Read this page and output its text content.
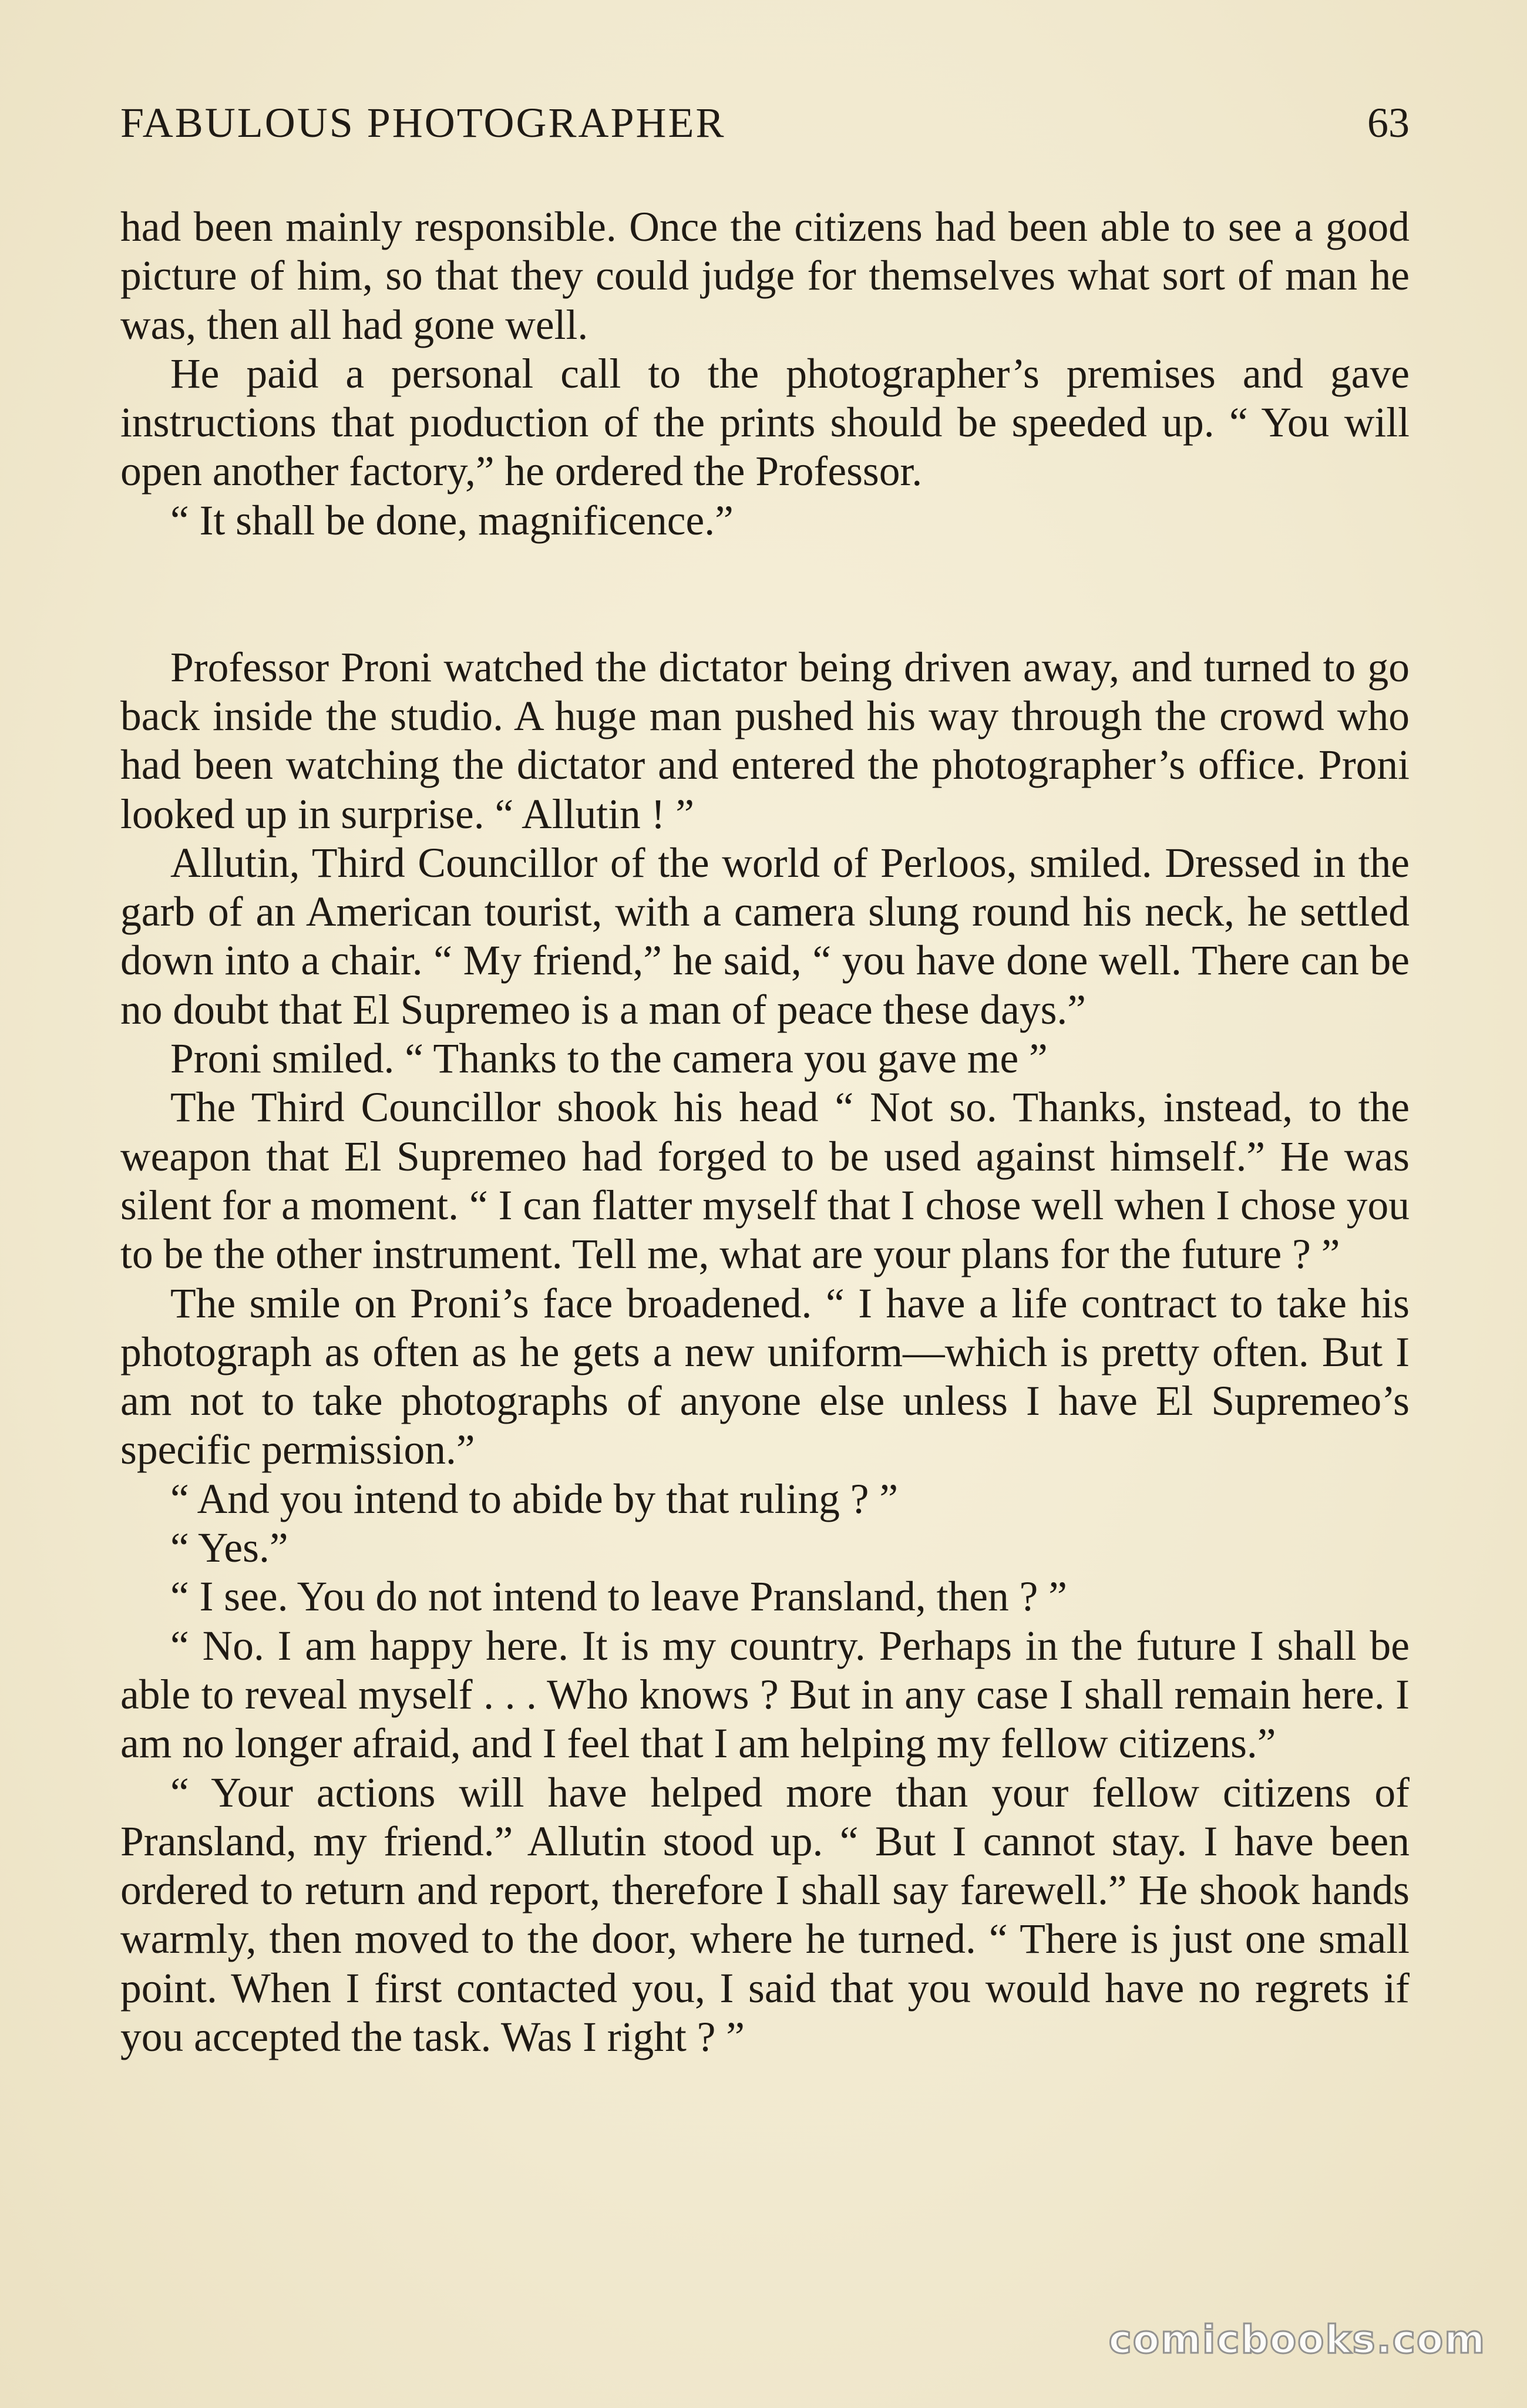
FABULOUS PHOTOGRAPHER	63

had been mainly responsible. Once the citizens had been able to see a good picture of him, so that they could judge for themselves what sort of man he was, then all had gone well.

He paid a personal call to the photographer’s premises and gave instructions that pıoduction of the prints should be speeded up. “ You will open another factory,” he ordered the Professor.

“ It shall be done, magnificence.”

Professor Proni watched the dictator being driven away, and turned to go back inside the studio. A huge man pushed his way through the crowd who had been watching the dictator and entered the photographer’s office. Proni looked up in surprise. “ Allutin ! ”

Allutin, Third Councillor of the world of Perloos, smiled. Dressed in the garb of an American tourist, with a camera slung round his neck, he settled down into a chair. “ My friend,” he said, “ you have done well. There can be no doubt that El Supremeo is a man of peace these days.”

Proni smiled. “ Thanks to the camera you gave me ”

The Third Councillor shook his head “ Not so. Thanks, instead, to the weapon that El Supremeo had forged to be used against himself.” He was silent for a moment. “ I can flatter myself that I chose well when I chose you to be the other instrument. Tell me, what are your plans for the future ? ”

The smile on Proni’s face broadened. “ I have a life contract to take his photograph as often as he gets a new uniform—which is pretty often. But I am not to take photographs of anyone else unless I have El Supremeo’s specific permission.”

“ And you intend to abide by that ruling ? ”

“ Yes.”

“ I see. You do not intend to leave Pransland, then ? ”

“ No. I am happy here. It is my country. Perhaps in the future I shall be able to reveal myself . . . Who knows ? But in any case I shall remain here. I am no longer afraid, and I feel that I am helping my fellow citizens.”

“ Your actions will have helped more than your fellow citizens of Pransland, my friend.” Allutin stood up. “ But I cannot stay. I have been ordered to return and report, therefore I shall say farewell.” He shook hands warmly, then moved to the door, where he turned. “ There is just one small point. When I first contacted you, I said that you would have no regrets if you accepted the task. Was I right ? ”

comicbooks.com
